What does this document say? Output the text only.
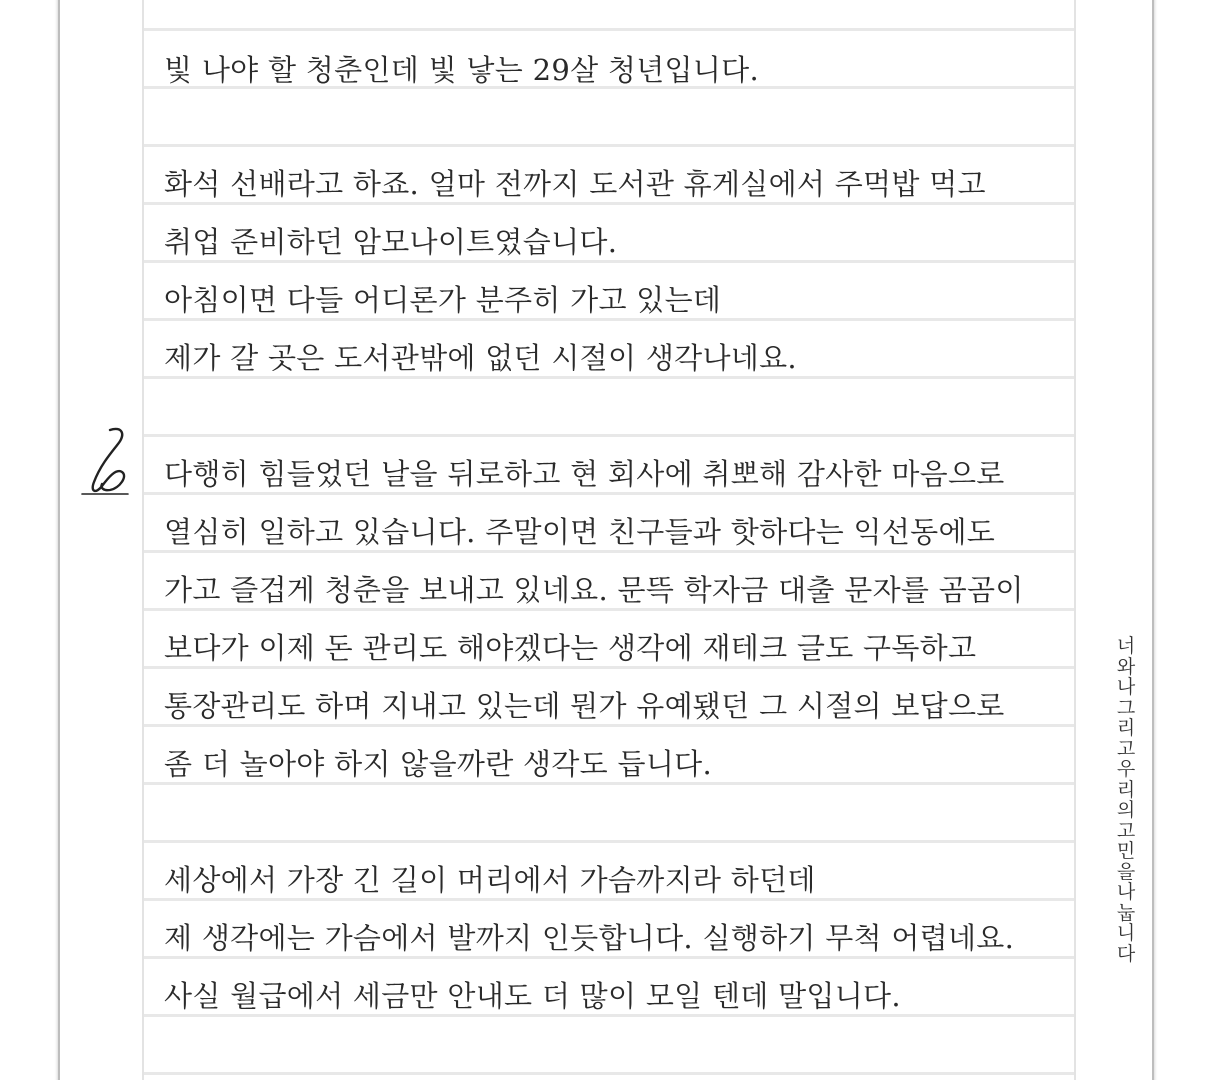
빛 나야 할 청춘인데 빛 낳는 29살 청년입니다.
화석 선배라고 하죠. 얼마 전까지 도서관 휴게실에서 주먹밥 먹고
취업 준비하던 암모나이트였습니다.
아침이면 다들 어디론가 분주히 가고 있는데
제가 갈 곳은 도서관밖에 없던 시절이 생각나네요.
다행히 힘들었던 날을 뒤로하고 현 회사에 취뽀해 감사한 마음으로
열심히 일하고 있습니다. 주말이면 친구들과 핫하다는 익선동에도
가고 즐겁게 청춘을 보내고 있네요. 문뜩 학자금 대출 문자를 곰곰이
보다가 이제 돈 관리도 해야겠다는 생각에 재테크 글도 구독하고
통장관리도 하며 지내고 있는데 뭔가 유예됐던 그 시절의 보답으로
좀 더 놀아야 하지 않을까란 생각도 듭니다.
세상에서 가장 긴 길이 머리에서 가슴까지라 하던데
제 생각에는 가슴에서 발까지 인듯합니다. 실행하기 무척 어렵네요.
사실 월급에서 세금만 안내도 더 많이 모일 텐데 말입니다.
너와 나 그리고 우리의 고민을 나눕니다
